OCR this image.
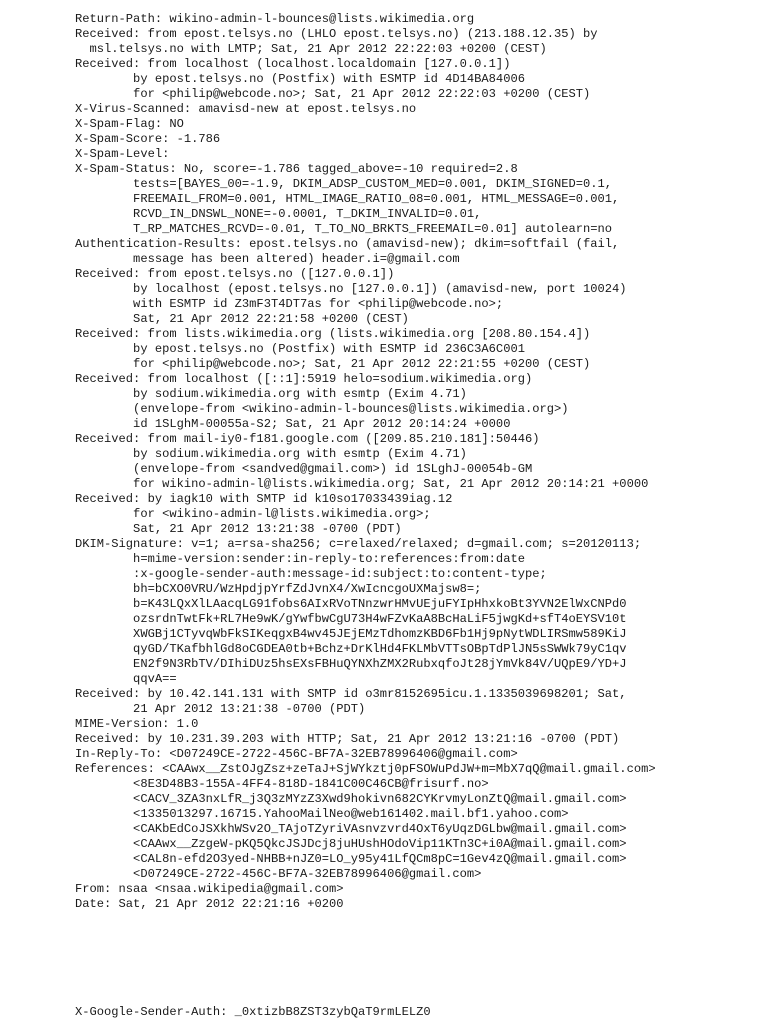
Return-Path: wikino-admin-l-bounces@lists.wikimedia.org
Received: from epost.telsys.no (LHLO epost.telsys.no) (213.188.12.35) by
msl.telsys.no with LMTP; Sat, 21 Apr 2012 22:22:03 +0200 (CEST)
Received: from localhost (localhost.localdomain [127.0.0.1])
by epost.telsys.no (Postfix) with ESMTP id 4D14BA84006
for <philip@webcode.no>; Sat, 21 Apr 2012 22:22:03 +0200 (CEST)
X-Virus-Scanned: amavisd-new at epost.telsys.no
X-Spam-Flag: NO
X-Spam-Score: -1.786
X-Spam-Level:
X-Spam-Status: No, score=-1.786 tagged_above=-10 required=2.8
tests=[BAYES_00=-1.9, DKIM_ADSP_CUSTOM_MED=0.001, DKIM_SIGNED=0.1,
FREEMAIL_FROM=0.001, HTML_IMAGE_RATIO_08=0.001, HTML_MESSAGE=0.001,
RCVD_IN_DNSWL_NONE=-0.0001, T_DKIM_INVALID=0.01,
T_RP_MATCHES_RCVD=-0.01, T_TO_NO_BRKTS_FREEMAIL=0.01] autolearn=no
Authentication-Results: epost.telsys.no (amavisd-new); dkim=softfail (fail,
message has been altered) header.i=@gmail.com
Received: from epost.telsys.no ([127.0.0.1])
by localhost (epost.telsys.no [127.0.0.1]) (amavisd-new, port 10024)
with ESMTP id Z3mF3T4DT7as for <philip@webcode.no>;
Sat, 21 Apr 2012 22:21:58 +0200 (CEST)
Received: from lists.wikimedia.org (lists.wikimedia.org [208.80.154.4])
by epost.telsys.no (Postfix) with ESMTP id 236C3A6C001
for <philip@webcode.no>; Sat, 21 Apr 2012 22:21:55 +0200 (CEST)
Received: from localhost ([::1]:5919 helo=sodium.wikimedia.org)
by sodium.wikimedia.org with esmtp (Exim 4.71)
(envelope-from <wikino-admin-l-bounces@lists.wikimedia.org>)
id 1SLghM-00055a-S2; Sat, 21 Apr 2012 20:14:24 +0000
Received: from mail-iy0-f181.google.com ([209.85.210.181]:50446)
by sodium.wikimedia.org with esmtp (Exim 4.71)
(envelope-from <sandved@gmail.com>) id 1SLghJ-00054b-GM
for wikino-admin-l@lists.wikimedia.org; Sat, 21 Apr 2012 20:14:21 +0000
Received: by iagk10 with SMTP id k10so17033439iag.12
for <wikino-admin-l@lists.wikimedia.org>;
Sat, 21 Apr 2012 13:21:38 -0700 (PDT)
DKIM-Signature: v=1; a=rsa-sha256; c=relaxed/relaxed; d=gmail.com; s=20120113;
h=mime-version:sender:in-reply-to:references:from:date
:x-google-sender-auth:message-id:subject:to:content-type;
bh=bCXO0VRU/WzHpdjpYrfZdJvnX4/XwIcncgoUXMajsw8=;
b=K43LQxXlLAacqLG91fobs6AIxRVoTNnzwrHMvUEjuFYIpHhxkoBt3YVN2ElWxCNPd0
ozsrdnTwtFk+RL7He9wK/gYwfbwCgU73H4wFZvKaA8BcHaLiF5jwgKd+sfT4oEYSV10t
XWGBj1CTyvqWbFkSIKeqgxB4wv45JEjEMzTdhomzKBD6Fb1Hj9pNytWDLIRSmw589KiJ
qyGD/TKafbhlGd8oCGDEA0tb+Bchz+DrKlHd4FKLMbVTTsOBpTdPlJN5sSWWk79yC1qv
EN2f9N3RbTV/DIhiDUz5hsEXsFBHuQYNXhZMX2RubxqfoJt28jYmVk84V/UQpE9/YD+J
qqvA==
Received: by 10.42.141.131 with SMTP id o3mr8152695icu.1.1335039698201; Sat,
21 Apr 2012 13:21:38 -0700 (PDT)
MIME-Version: 1.0
Received: by 10.231.39.203 with HTTP; Sat, 21 Apr 2012 13:21:16 -0700 (PDT)
In-Reply-To: <D07249CE-2722-456C-BF7A-32EB78996406@gmail.com>
References: <CAAwx__ZstOJgZsz+zeTaJ+SjWYkztj0pFSOWuPdJW+m=MbX7qQ@mail.gmail.com>
<8E3D48B3-155A-4FF4-818D-1841C00C46CB@frisurf.no>
<CACV_3ZA3nxLfR_j3Q3zMYzZ3Xwd9hokivn682CYKrvmyLonZtQ@mail.gmail.com>
<1335013297.16715.YahooMailNeo@web161402.mail.bf1.yahoo.com>
<CAKbEdCoJSXkhWSv2O_TAjoTZyriVAsnvzvrd4OxT6yUqzDGLbw@mail.gmail.com>
<CAAwx__ZzgeW-pKQ5QkcJSJDcj8juHUshHOdoVip11KTn3C+i0A@mail.gmail.com>
<CAL8n-efd2O3yed-NHBB+nJZ0=LO_y95y41LfQCm8pC=1Gev4zQ@mail.gmail.com>
<D07249CE-2722-456C-BF7A-32EB78996406@gmail.com>
From: nsaa <nsaa.wikipedia@gmail.com>
Date: Sat, 21 Apr 2012 22:21:16 +0200
X-Google-Sender-Auth: _0xtizbB8ZST3zybQaT9rmLELZ0
